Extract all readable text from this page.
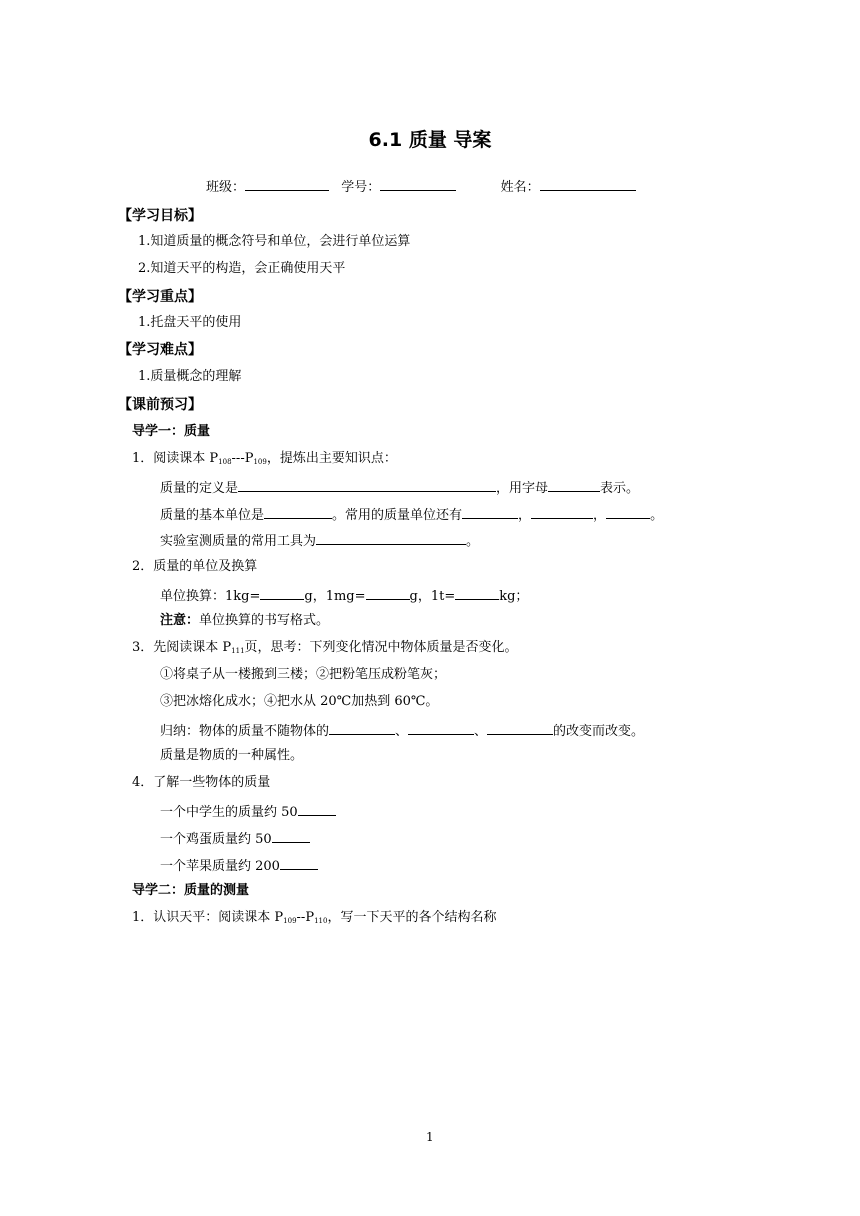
6.1 质量 导案
班级：	学号：	姓名：
【学习目标】
1.知道质量的概念符号和单位，会进行单位运算
2.知道天平的构造，会正确使用天平
【学习重点】
1.托盘天平的使用
【学习难点】
1.质量概念的理解
【课前预习】
导学一：质量
1．阅读课本 $P_{108}---P_{109}$，提炼出主要知识点：
质量的定义是	，用字母	表示。
质量的基本单位是	。常用的质量单位还有	，	，	。
实验室测质量的常用工具为	。
2．质量的单位及换算
单位换算：1kg=	g，1mg=	g，1t=	kg；
注意：单位换算的书写格式。
3．先阅读课本 $P_{111}$页，思考：下列变化情况中物体质量是否变化。
①将桌子从一楼搬到三楼；②把粉笔压成粉笔灰；
③把冰熔化成水；④把水从 20℃加热到 60℃。
归纳：物体的质量不随物体的	、	、	的改变而改变。
质量是物质的一种属性。
4．了解一些物体的质量
一个中学生的质量约 50
一个鸡蛋质量约 50
一个苹果质量约 200
导学二：质量的测量
1．认识天平：阅读课本 $P_{109}--P_{110}$，写一下天平的各个结构名称
1
